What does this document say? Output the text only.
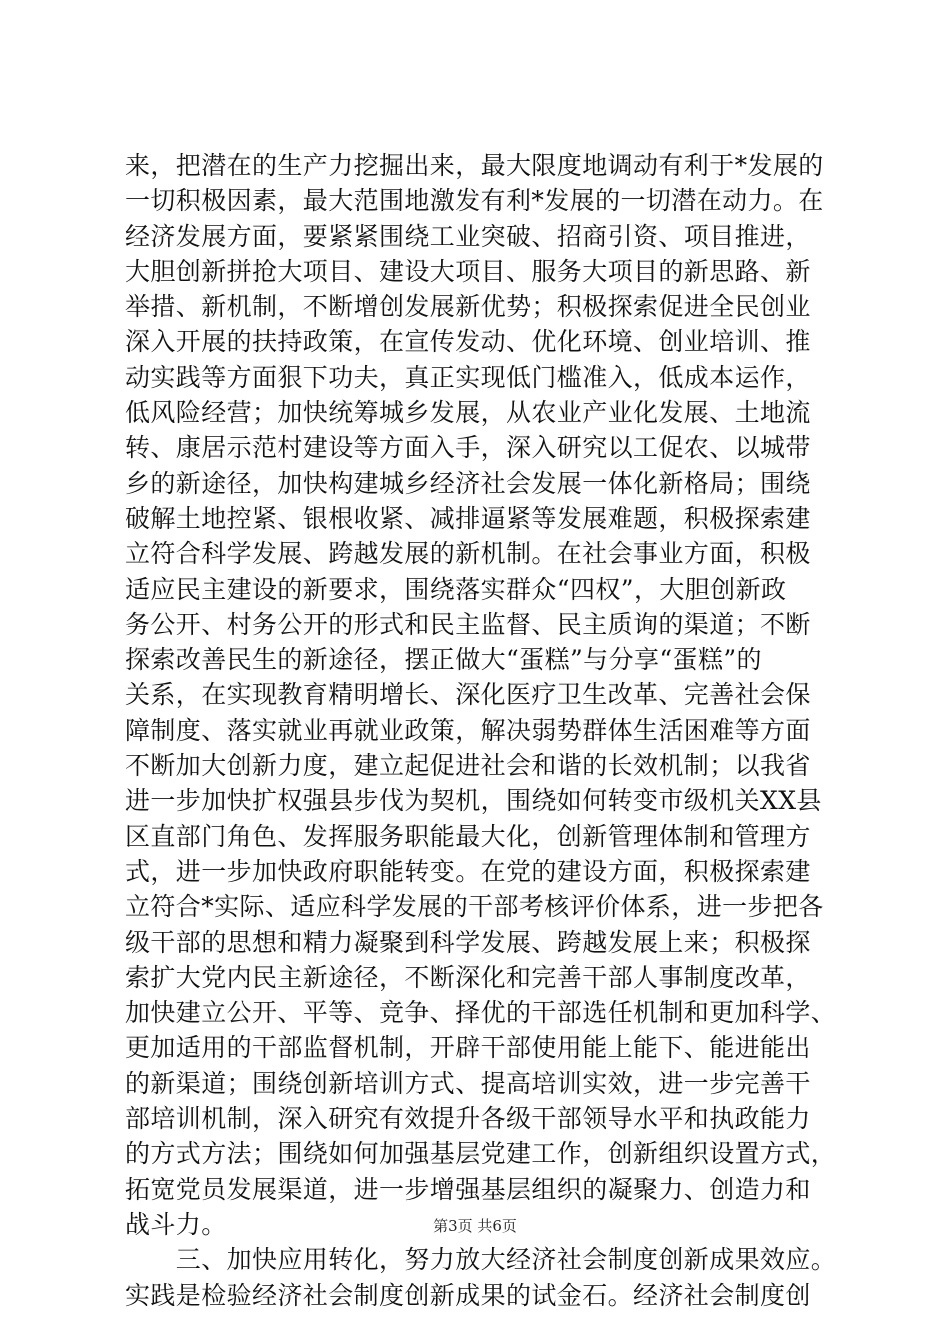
来，把潜在的生产力挖掘出来，最大限度地调动有利于*发展的
一切积极因素，最大范围地激发有利*发展的一切潜在动力。在
经济发展方面，要紧紧围绕工业突破、招商引资、项目推进，
大胆创新拼抢大项目、建设大项目、服务大项目的新思路、新
举措、新机制，不断增创发展新优势；积极探索促进全民创业
深入开展的扶持政策，在宣传发动、优化环境、创业培训、推
动实践等方面狠下功夫，真正实现低门槛准入，低成本运作，
低风险经营；加快统筹城乡发展，从农业产业化发展、土地流
转、康居示范村建设等方面入手，深入研究以工促农、以城带
乡的新途径，加快构建城乡经济社会发展一体化新格局；围绕
破解土地控紧、银根收紧、减排逼紧等发展难题，积极探索建
立符合科学发展、跨越发展的新机制。在社会事业方面，积极
适应民主建设的新要求，围绕落实群众“四权”，大胆创新政
务公开、村务公开的形式和民主监督、民主质询的渠道；不断
探索改善民生的新途径，摆正做大“蛋糕”与分享“蛋糕”的
关系，在实现教育精明增长、深化医疗卫生改革、完善社会保
障制度、落实就业再就业政策，解决弱势群体生活困难等方面
不断加大创新力度，建立起促进社会和谐的长效机制；以我省
进一步加快扩权强县步伐为契机，围绕如何转变市级机关XX县
区直部门角色、发挥服务职能最大化，创新管理体制和管理方
式，进一步加快政府职能转变。在党的建设方面，积极探索建
立符合*实际、适应科学发展的干部考核评价体系，进一步把各
级干部的思想和精力凝聚到科学发展、跨越发展上来；积极探
索扩大党内民主新途径，不断深化和完善干部人事制度改革，
加快建立公开、平等、竞争、择优的干部选任机制和更加科学、
更加适用的干部监督机制，开辟干部使用能上能下、能进能出
的新渠道；围绕创新培训方式、提高培训实效，进一步完善干
部培训机制，深入研究有效提升各级干部领导水平和执政能力
的方式方法；围绕如何加强基层党建工作，创新组织设置方式，
拓宽党员发展渠道，进一步增强基层组织的凝聚力、创造力和
战斗力。
　　三、加快应用转化，努力放大经济社会制度创新成果效应。
实践是检验经济社会制度创新成果的试金石。经济社会制度创
第3页 共6页
